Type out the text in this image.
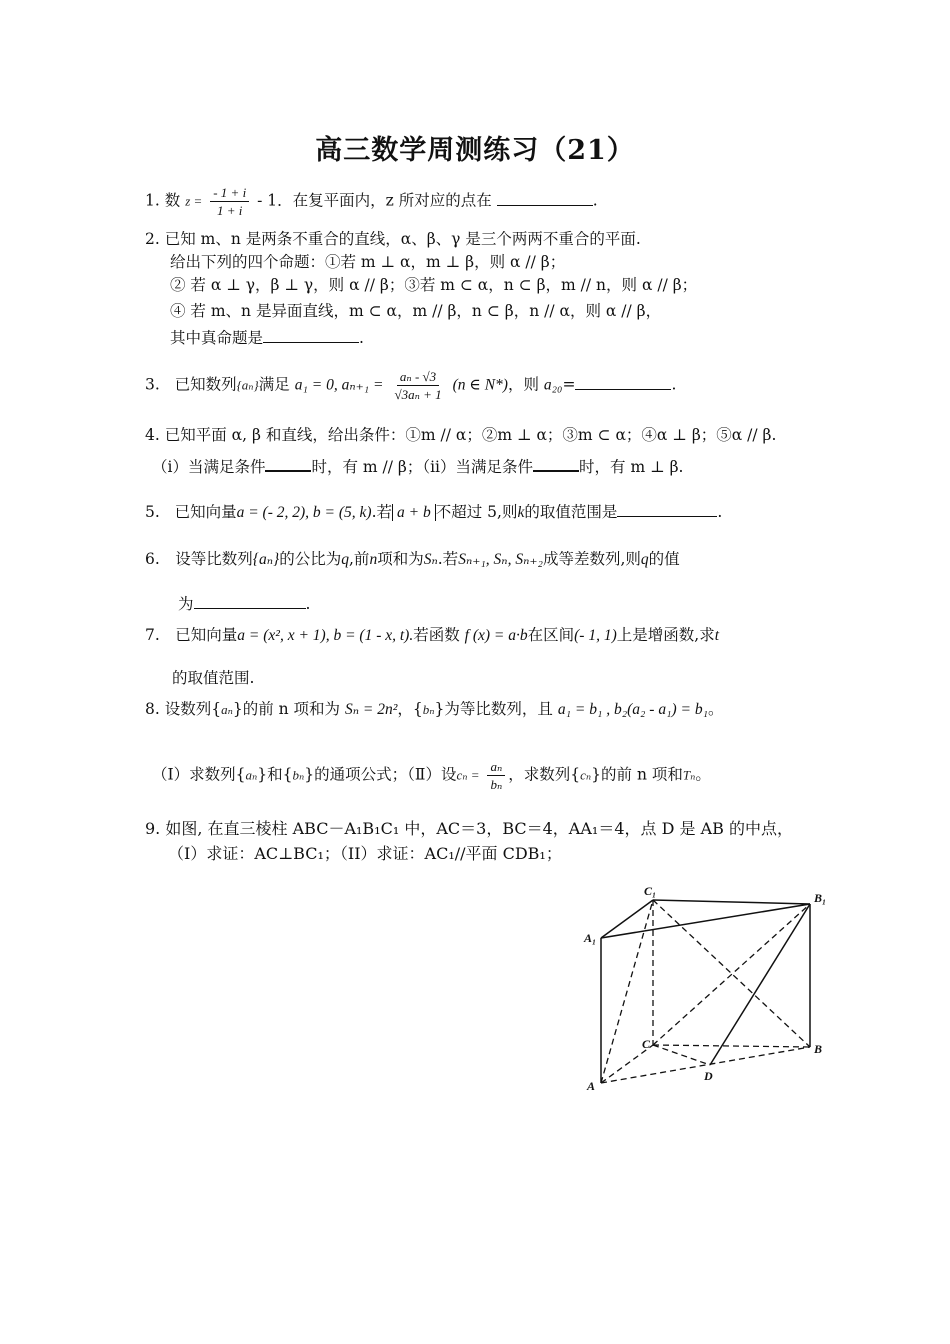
高三数学周测练习（21）
1. 数 $z = \frac{- 1 + i}{1 + i} - 1$．在复平面内，z 所对应的点在	.
2. 已知 m、n 是两条不重合的直线，α、β、γ 是三个两两不重合的平面.
给出下列的四个命题：①若 m ⊥ α，m ⊥ β，则 α // β；
② 若 α ⊥ γ，β ⊥ γ，则 α // β；③若 m ⊂ α，n ⊂ β，m // n，则 α // β；
④ 若 m、n 是异面直线，m ⊂ α，m // β，n ⊂ β，n // α，则 α // β，
其中真命题是	.
3. 已知数列{aₙ}满足 a₁ = 0, $a_{n+1} = \frac{\text{aₙ - √3}}{\text{√3aₙ + 1}} (n$ ∈ N*)，则 a₂₀=	.
4. 已知平面 α, β 和直线，给出条件：①m // α；②m ⊥ α；③m ⊂ α；④α ⊥ β；⑤α // β.
（i）当满足条件	时，有 m // β；（ii）当满足条件	时，有 m ⊥ β.
5. 已知向量a = (- 2, 2), b = (5, k).若 a + b 不超过 5,则k的取值范围是	.
6.　设等比数列{aₙ}的公比为q,前n项和为Sₙ.若Sₙ₊₁, Sₙ, Sₙ₊₂成等差数列,则q的值
为	.
7.　已知向量a = (x², x + 1), b = (1 - x, t).若函数 f (x) = a·b在区间(- 1, 1)上是增函数,求t
的取值范围.
8. 设数列{aₙ}的前 n 项和为 Sₙ = 2n²，{bₙ}为等比数列，且 a₁ = b₁ , b₂(a₂ - a₁) = b₁。
（Ⅰ）求数列{aₙ}和{bₙ}的通项公式；（Ⅱ）设$c_n = \frac{\text{aₙ}}{\text{bₙ}}$ ，求数列{cₙ}的前 n 项和Tₙ。
9. 如图, 在直三棱柱 ABC－A₁B₁C₁ 中，AC＝3，BC＝4，AA₁＝4，点 D 是 AB 的中点，
（I）求证：AC⊥BC₁；（II）求证：AC₁//平面 CDB₁；
C₁	B₁
A₁
C	B
A
D
